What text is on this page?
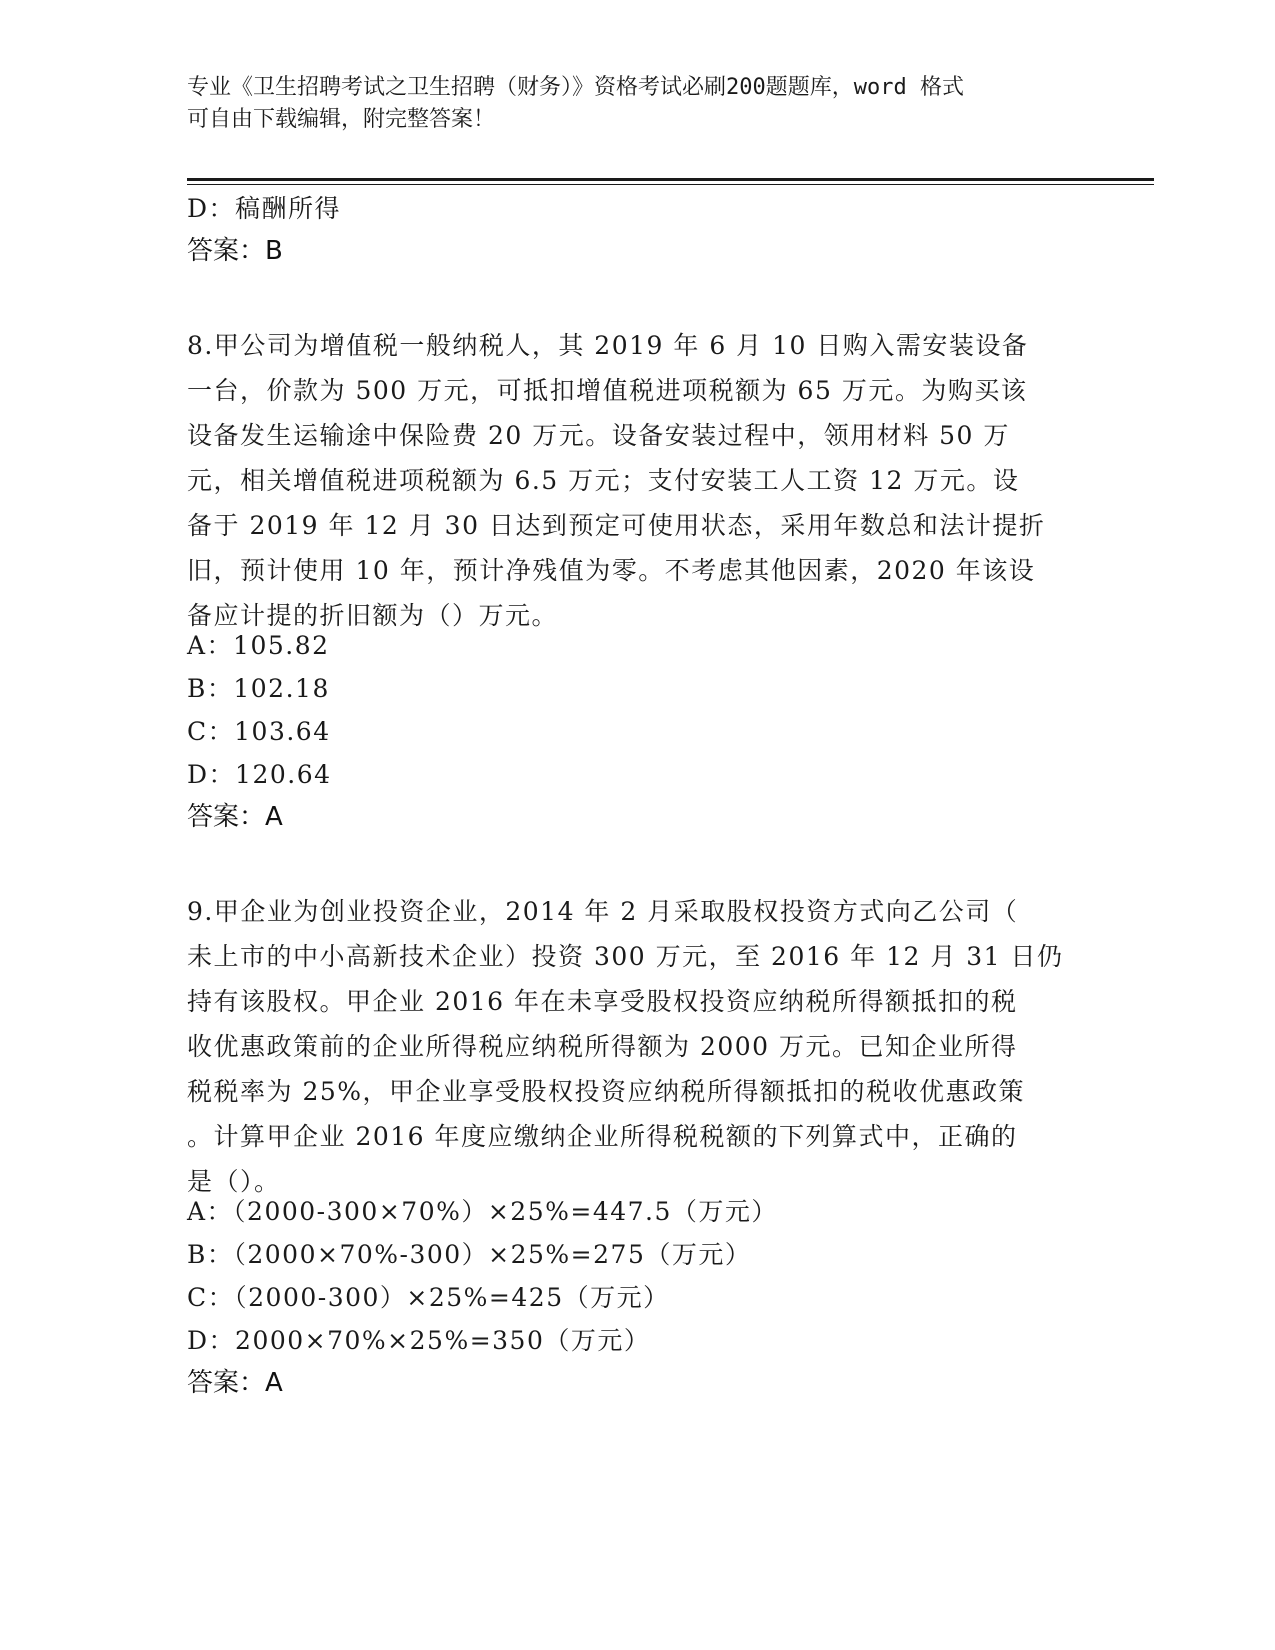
专业《卫生招聘考试之卫生招聘（财务）》资格考试必刷200题题库，word 格式
可自由下载编辑，附完整答案！
D：稿酬所得
答案：B
8.甲公司为增值税一般纳税人，其 2019 年 6 月 10 日购入需安装设备
一台，价款为 500 万元，可抵扣增值税进项税额为 65 万元。为购买该
设备发生运输途中保险费 20 万元。设备安装过程中，领用材料 50 万
元，相关增值税进项税额为 6.5 万元；支付安装工人工资 12 万元。设
备于 2019 年 12 月 30 日达到预定可使用状态，采用年数总和法计提折
旧，预计使用 10 年，预计净残值为零。不考虑其他因素，2020 年该设
备应计提的折旧额为（）万元。
A：105.82
B：102.18
C：103.64
D：120.64
答案：A
9.甲企业为创业投资企业，2014 年 2 月采取股权投资方式向乙公司（
未上市的中小高新技术企业）投资 300 万元，至 2016 年 12 月 31 日仍
持有该股权。甲企业 2016 年在未享受股权投资应纳税所得额抵扣的税
收优惠政策前的企业所得税应纳税所得额为 2000 万元。已知企业所得
税税率为 25%，甲企业享受股权投资应纳税所得额抵扣的税收优惠政策
。计算甲企业 2016 年度应缴纳企业所得税税额的下列算式中，正确的
是（）。
A：（2000-300×70%）×25%=447.5（万元）
B：（2000×70%-300）×25%=275（万元）
C：（2000-300）×25%=425（万元）
D：2000×70%×25%=350（万元）
答案：A
